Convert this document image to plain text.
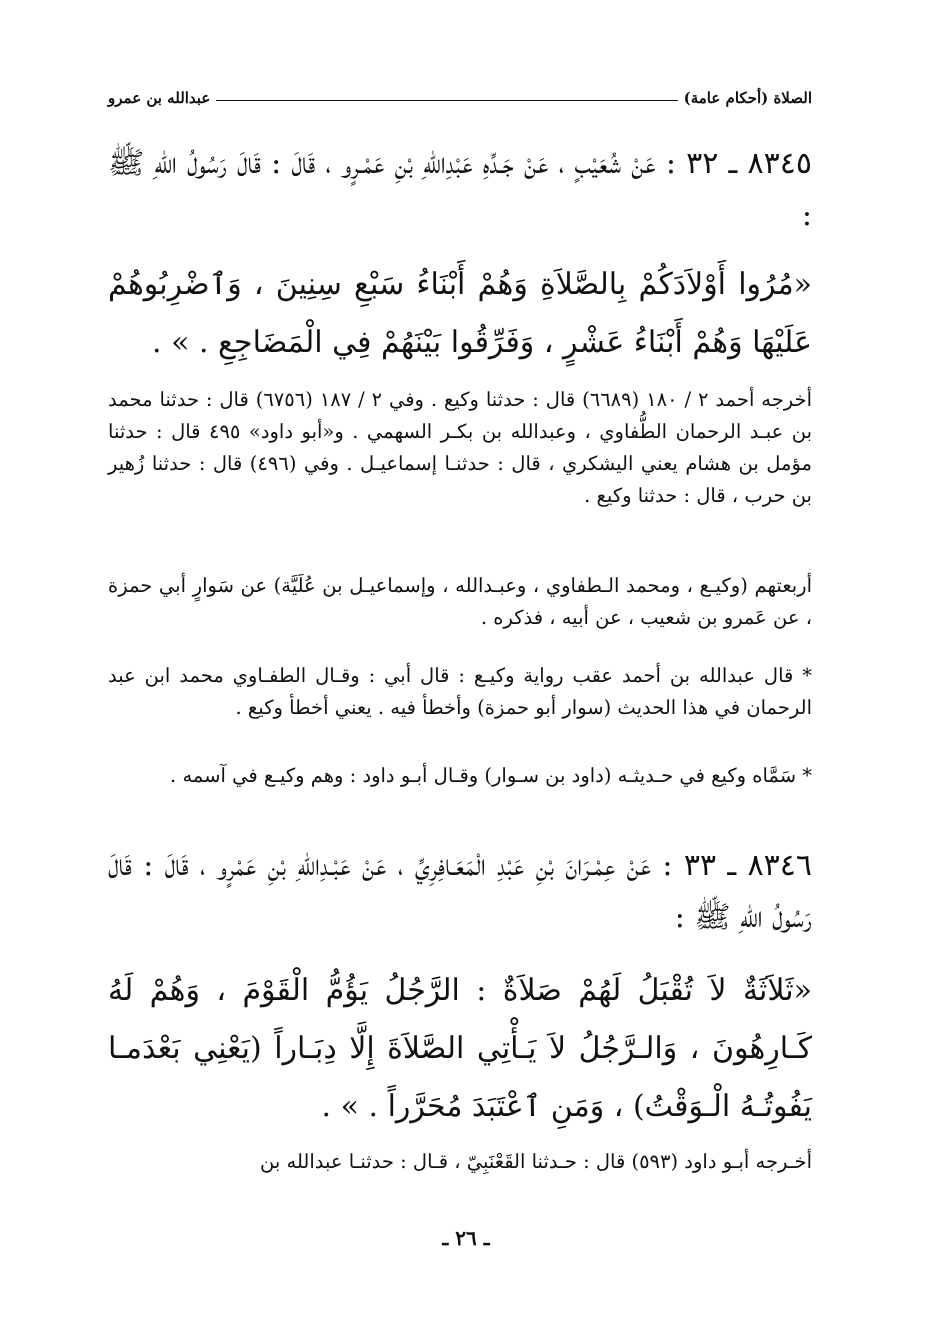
الصلاة (أحكام عامة)
عبدالله بن عمرو
٨٣٤٥ ـ ٣٢ : عَنْ شُعَيْبٍ ، عَنْ جَـدِّهِ عَبْدِاللهِ بْنِ عَمْـرٍو ، قَالَ : قَالَ رَسُولُ اللهِ ﷺ :
«مُرُوا أَوْلاَدَكُمْ بِالصَّلاَةِ وَهُمْ أَبْنَاءُ سَبْعِ سِنِينَ ، وَٱضْرِبُوهُمْ عَلَيْهَا وَهُمْ أَبْنَاءُ عَشْرٍ ، وَفَرِّقُوا بَيْنَهُمْ فِي الْمَضَاجِعِ . » .
أخرجه أحمد ٢ / ١٨٠ (٦٦٨٩) قال : حدثنا وكيع . وفي ٢ / ١٨٧ (٦٧٥٦) قال : حدثنا محمد بن عبـد الرحمان الطُّفاوي ، وعبدالله بن بكـر السهمي . و«أبو داود» ٤٩٥ قال : حدثنا مؤمل بن هشام يعني اليشكري ، قال : حدثنـا إسماعيـل . وفي (٤٩٦) قال : حدثنا زُهير بن حرب ، قال : حدثنا وكيع .
أربعتهم (وكيـع ، ومحمد الـطفاوي ، وعبـدالله ، وإسماعيـل بن عُلَيَّة) عن سَوارٍ أبي حمزة ، عن عَمرو بن شعيب ، عن أبيه ، فذكره .
* قال عبدالله بن أحمد عقب رواية وكيـع : قال أبي : وقـال الطفـاوي محمد ابن عبد الرحمان في هذا الحديث (سوار أبو حمزة) وأخطأ فيه . يعني أخطأ وكيع .
* سَمَّاه وكيع في حـديثـه (داود بن سـوار) وقـال أبـو داود : وهم وكيـع في آسمه .
٨٣٤٦ ـ ٣٣ : عَنْ عِمْـرَانَ بْنِ عَبْدِ الْمَعَـافِرِيِّ ، عَنْ عَبْـدِاللهِ بْنِ عَمْرٍو ، قَالَ : قَالَ رَسُولُ اللهِ ﷺ :
«ثَلاَثَةٌ لاَ تُقْبَلُ لَهُمْ صَلاَةٌ : الرَّجُلُ يَؤُمُّ الْقَوْمَ ، وَهُمْ لَهُ كَـارِهُونَ ، وَالـرَّجُلُ لاَ يَـأْتِي الصَّلاَةَ إِلَّا دِبَـاراً (يَعْنِي بَعْدَمـا يَفُوتُـهُ الْـوَقْتُ) ، وَمَنِ ٱعْتَبَدَ مُحَرَّراً . » .
أخـرجه أبـو داود (٥٩٣) قال : حـدثنا القَعْنَبِيّ ، قـال : حدثنـا عبدالله بن
ـ ٢٦ ـ
